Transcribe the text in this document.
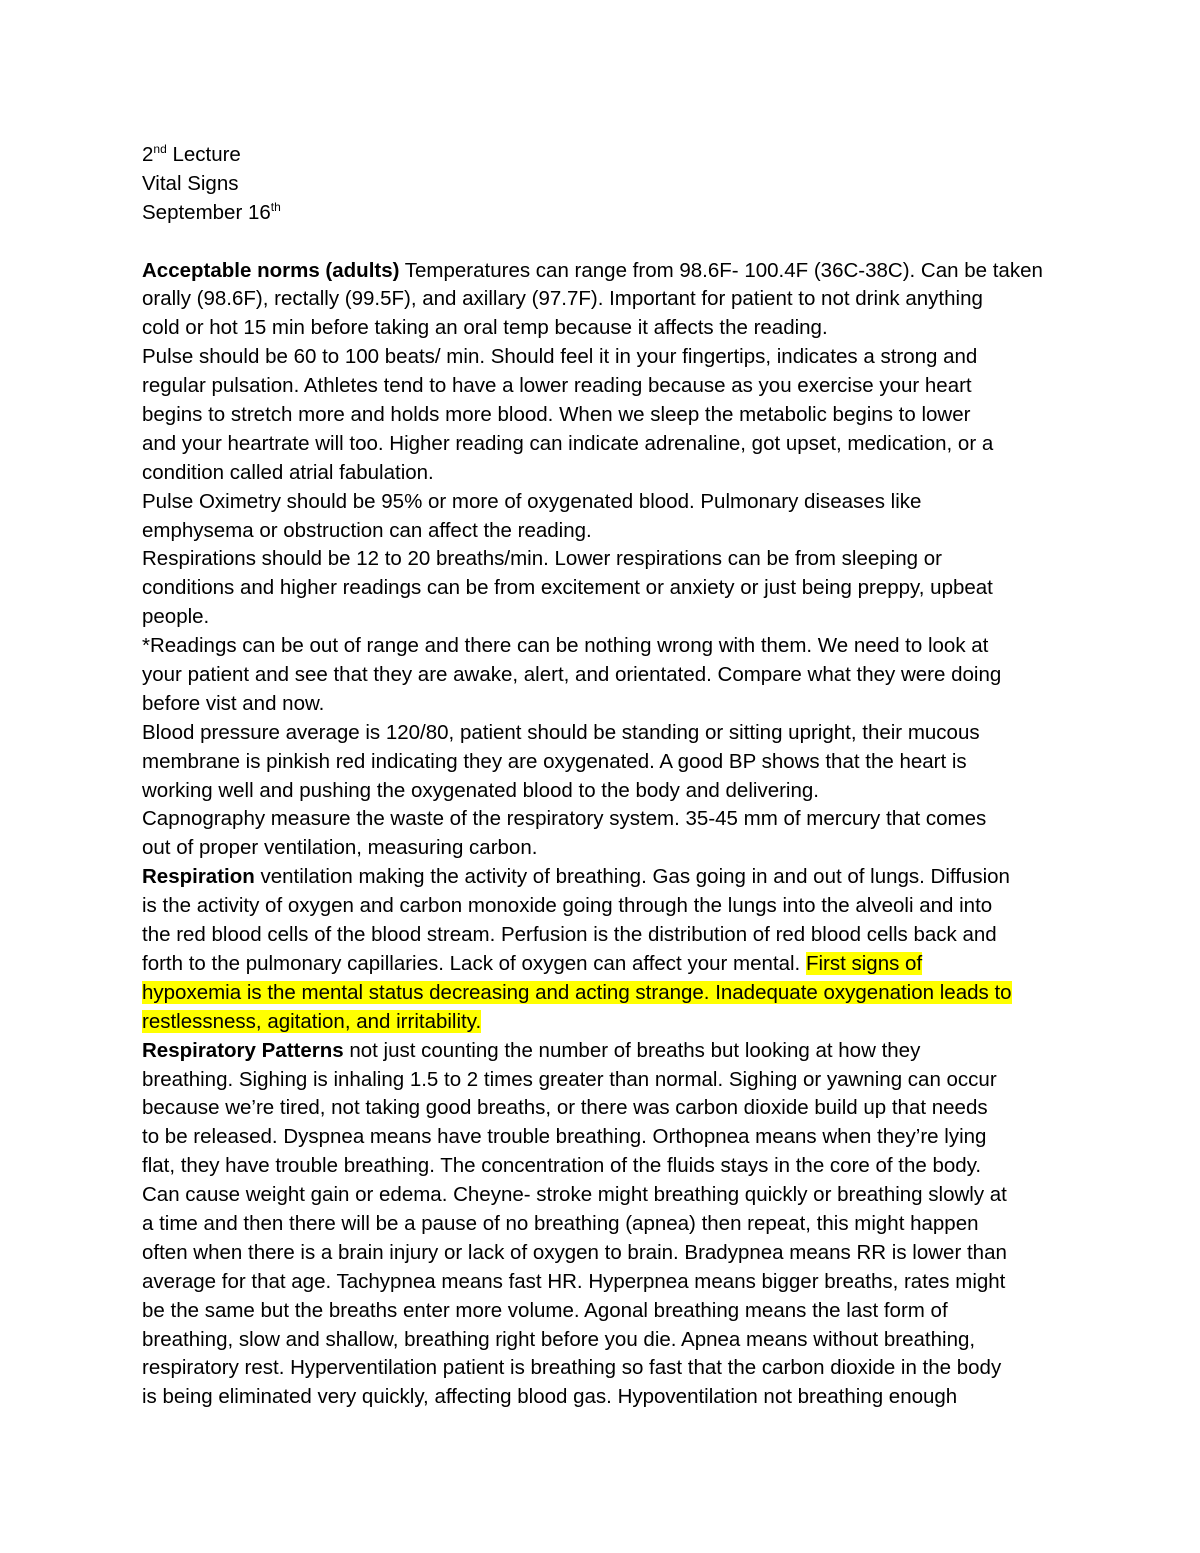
2nd Lecture
Vital Signs
September 16th
Acceptable norms (adults) Temperatures can range from 98.6F- 100.4F (36C-38C). Can be taken
orally (98.6F), rectally (99.5F), and axillary (97.7F). Important for patient to not drink anything
cold or hot 15 min before taking an oral temp because it affects the reading.
Pulse should be 60 to 100 beats/ min. Should feel it in your fingertips, indicates a strong and
regular pulsation. Athletes tend to have a lower reading because as you exercise your heart
begins to stretch more and holds more blood. When we sleep the metabolic begins to lower
and your heartrate will too. Higher reading can indicate adrenaline, got upset, medication, or a
condition called atrial fabulation.
Pulse Oximetry should be 95% or more of oxygenated blood. Pulmonary diseases like
emphysema or obstruction can affect the reading.
Respirations should be 12 to 20 breaths/min. Lower respirations can be from sleeping or
conditions and higher readings can be from excitement or anxiety or just being preppy, upbeat
people.
*Readings can be out of range and there can be nothing wrong with them. We need to look at
your patient and see that they are awake, alert, and orientated. Compare what they were doing
before vist and now.
Blood pressure average is 120/80, patient should be standing or sitting upright, their mucous
membrane is pinkish red indicating they are oxygenated. A good BP shows that the heart is
working well and pushing the oxygenated blood to the body and delivering.
Capnography measure the waste of the respiratory system. 35-45 mm of mercury that comes
out of proper ventilation, measuring carbon.
Respiration ventilation making the activity of breathing. Gas going in and out of lungs. Diffusion
is the activity of oxygen and carbon monoxide going through the lungs into the alveoli and into
the red blood cells of the blood stream. Perfusion is the distribution of red blood cells back and
forth to the pulmonary capillaries. Lack of oxygen can affect your mental. First signs of
hypoxemia is the mental status decreasing and acting strange. Inadequate oxygenation leads to
restlessness, agitation, and irritability.
Respiratory Patterns not just counting the number of breaths but looking at how they
breathing. Sighing is inhaling 1.5 to 2 times greater than normal. Sighing or yawning can occur
because we’re tired, not taking good breaths, or there was carbon dioxide build up that needs
to be released. Dyspnea means have trouble breathing. Orthopnea means when they’re lying
flat, they have trouble breathing. The concentration of the fluids stays in the core of the body.
Can cause weight gain or edema. Cheyne- stroke might breathing quickly or breathing slowly at
a time and then there will be a pause of no breathing (apnea) then repeat, this might happen
often when there is a brain injury or lack of oxygen to brain. Bradypnea means RR is lower than
average for that age. Tachypnea means fast HR. Hyperpnea means bigger breaths, rates might
be the same but the breaths enter more volume. Agonal breathing means the last form of
breathing, slow and shallow, breathing right before you die. Apnea means without breathing,
respiratory rest. Hyperventilation patient is breathing so fast that the carbon dioxide in the body
is being eliminated very quickly, affecting blood gas. Hypoventilation not breathing enough
